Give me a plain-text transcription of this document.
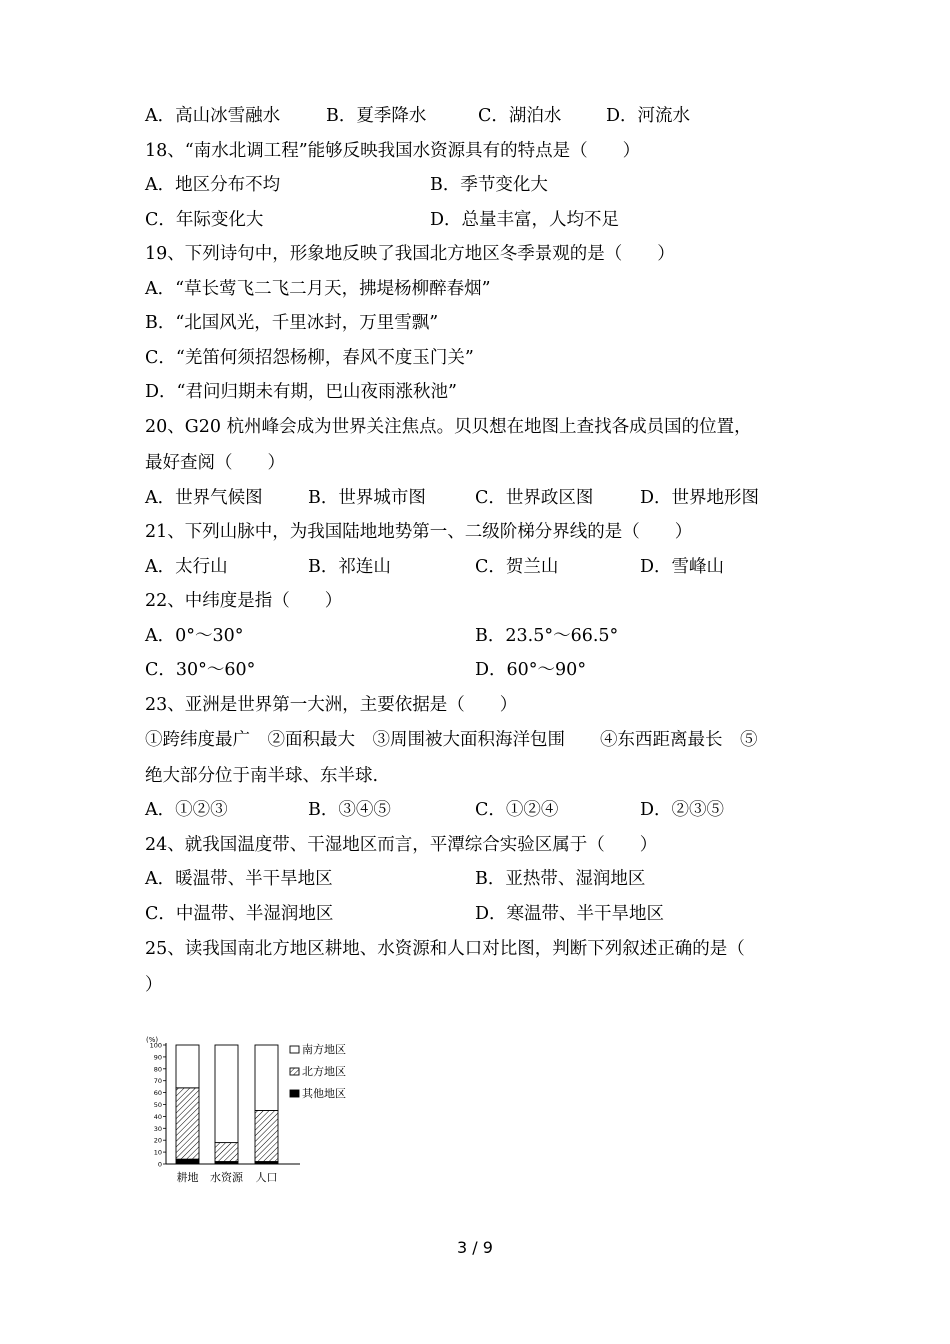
A．高山冰雪融水	B．夏季降水	C．湖泊水	D．河流水
18、“南水北调工程”能够反映我国水资源具有的特点是（　　）
A．地区分布不均	B．季节变化大
C．年际变化大	D．总量丰富，人均不足
19、下列诗句中，形象地反映了我国北方地区冬季景观的是（　　）
A．“草长莺飞二飞二月天，拂堤杨柳醉春烟”
B．“北国风光，千里冰封，万里雪飘”
C．“羌笛何须招怨杨柳，春风不度玉门关”
D．“君问归期未有期，巴山夜雨涨秋池”
20、G20 杭州峰会成为世界关注焦点。贝贝想在地图上查找各成员国的位置，
最好查阅（　　）
A．世界气候图	B．世界城市图	C．世界政区图	D．世界地形图
21、下列山脉中，为我国陆地地势第一、二级阶梯分界线的是（　　）
A．太行山	B．祁连山	C．贺兰山	D．雪峰山
22、中纬度是指（　　）
A．0°～30°	B．23.5°～66.5°
C．30°～60°	D．60°～90°
23、亚洲是世界第一大洲，主要依据是（　　）
①跨纬度最广　②面积最大　③周围被大面积海洋包围　　④东西距离最长　⑤
绝大部分位于南半球、东半球.
A．①②③	B．③④⑤	C．①②④	D．②③⑤
24、就我国温度带、干湿地区而言，平潭综合实验区属于（　　）
A．暖温带、半干旱地区	B．亚热带、湿润地区
C．中温带、半湿润地区	D．寒温带、半干旱地区
25、读我国南北方地区耕地、水资源和人口对比图，判断下列叙述正确的是（
）
(%)
0
10
20
30
40
50
60
70
80
90
100
耕地 水资源 人口
南方地区
北方地区
其他地区
3 / 9
